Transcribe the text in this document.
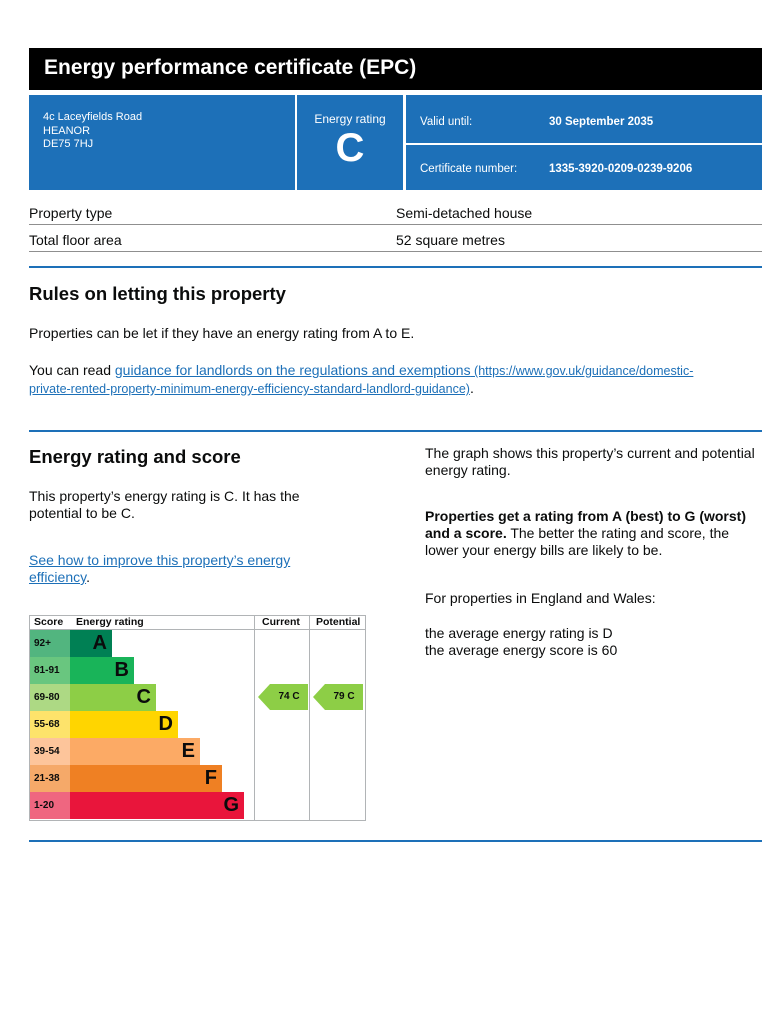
Energy performance certificate (EPC)
4c Laceyfields Road
HEANOR
DE75 7HJ
Energy rating
C
Valid until:	30 September 2035
Certificate number:	1335-3920-0209-0239-9206
Property type	Semi-detached house
Total floor area	52 square metres
Rules on letting this property
Properties can be let if they have an energy rating from A to E.
You can read guidance for landlords on the regulations and exemptions (https://www.gov.uk/guidance/domestic-private-rented-property-minimum-energy-efficiency-standard-landlord-guidance).
Energy rating and score
This property’s energy rating is C. It has the potential to be C.
See how to improve this property’s energy efficiency.
The graph shows this property’s current and potential energy rating.
Properties get a rating from A (best) to G (worst) and a score. The better the rating and score, the lower your energy bills are likely to be.
For properties in England and Wales:
the average energy rating is D
the average energy score is 60
Score Energy rating	Current Potential
92+	A
81-91	B
69-80	C
55-68	D
39-54	E
21-38	F
1-20	G
74 C	79 C
